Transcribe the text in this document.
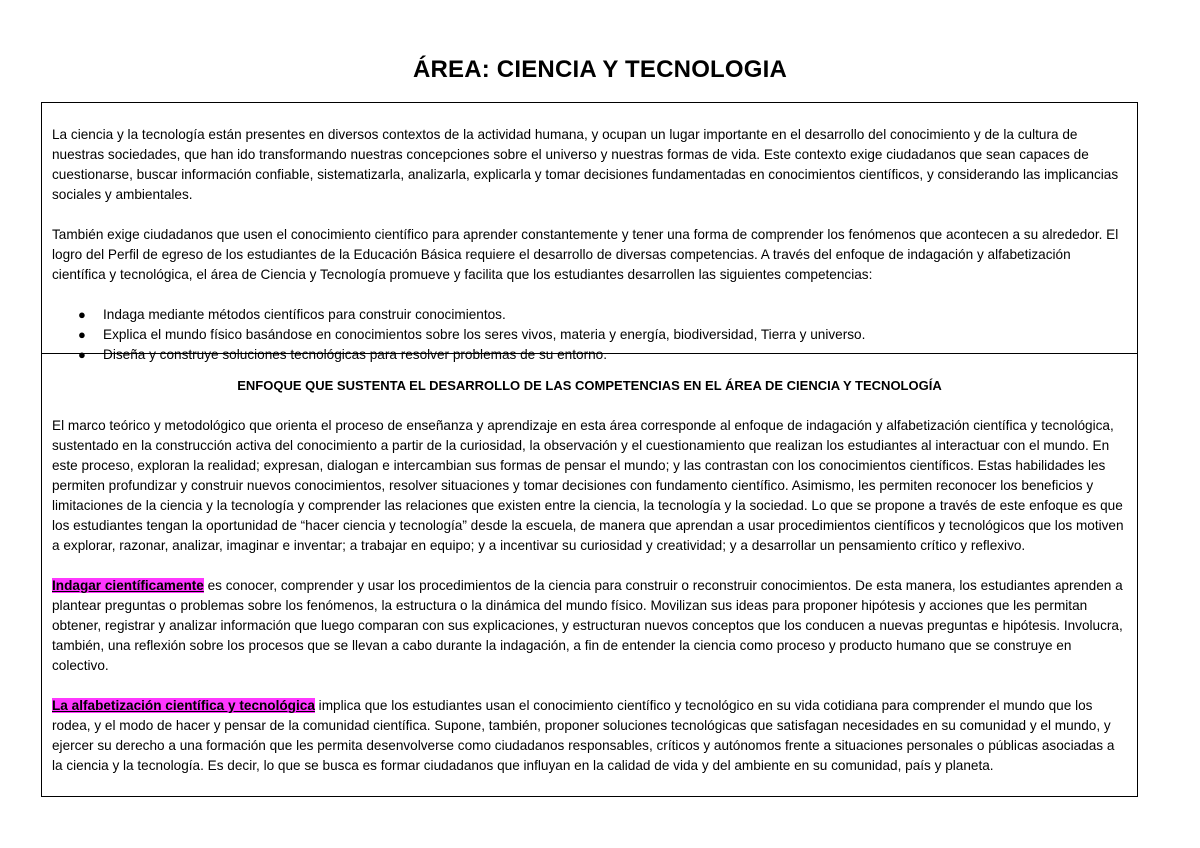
ÁREA: CIENCIA Y TECNOLOGIA

La ciencia y la tecnología están presentes en diversos contextos de la actividad humana, y ocupan un lugar importante en el desarrollo del conocimiento y de la cultura de nuestras sociedades, que han ido transformando nuestras concepciones sobre el universo y nuestras formas de vida. Este contexto exige ciudadanos que sean capaces de cuestionarse, buscar información confiable, sistematizarla, analizarla, explicarla y tomar decisiones fundamentadas en conocimientos científicos, y considerando las implicancias sociales y ambientales.

También exige ciudadanos que usen el conocimiento científico para aprender constantemente y tener una forma de comprender los fenómenos que acontecen a su alrededor. El logro del Perfil de egreso de los estudiantes de la Educación Básica requiere el desarrollo de diversas competencias. A través del enfoque de indagación y alfabetización científica y tecnológica, el área de Ciencia y Tecnología promueve y facilita que los estudiantes desarrollen las siguientes competencias:

● Indaga mediante métodos científicos para construir conocimientos.
● Explica el mundo físico basándose en conocimientos sobre los seres vivos, materia y energía, biodiversidad, Tierra y universo.
● Diseña y construye soluciones tecnológicas para resolver problemas de su entorno.

ENFOQUE QUE SUSTENTA EL DESARROLLO DE LAS COMPETENCIAS EN EL ÁREA DE CIENCIA Y TECNOLOGÍA

El marco teórico y metodológico que orienta el proceso de enseñanza y aprendizaje en esta área corresponde al enfoque de indagación y alfabetización científica y tecnológica, sustentado en la construcción activa del conocimiento a partir de la curiosidad, la observación y el cuestionamiento que realizan los estudiantes al interactuar con el mundo. En este proceso, exploran la realidad; expresan, dialogan e intercambian sus formas de pensar el mundo; y las contrastan con los conocimientos científicos. Estas habilidades les permiten profundizar y construir nuevos conocimientos, resolver situaciones y tomar decisiones con fundamento científico. Asimismo, les permiten reconocer los beneficios y limitaciones de la ciencia y la tecnología y comprender las relaciones que existen entre la ciencia, la tecnología y la sociedad. Lo que se propone a través de este enfoque es que los estudiantes tengan la oportunidad de “hacer ciencia y tecnología” desde la escuela, de manera que aprendan a usar procedimientos científicos y tecnológicos que los motiven a explorar, razonar, analizar, imaginar e inventar; a trabajar en equipo; y a incentivar su curiosidad y creatividad; y a desarrollar un pensamiento crítico y reflexivo.

Indagar científicamente es conocer, comprender y usar los procedimientos de la ciencia para construir o reconstruir conocimientos. De esta manera, los estudiantes aprenden a plantear preguntas o problemas sobre los fenómenos, la estructura o la dinámica del mundo físico. Movilizan sus ideas para proponer hipótesis y acciones que les permitan obtener, registrar y analizar información que luego comparan con sus explicaciones, y estructuran nuevos conceptos que los conducen a nuevas preguntas e hipótesis. Involucra, también, una reflexión sobre los procesos que se llevan a cabo durante la indagación, a fin de entender la ciencia como proceso y producto humano que se construye en colectivo.

La alfabetización científica y tecnológica implica que los estudiantes usan el conocimiento científico y tecnológico en su vida cotidiana para comprender el mundo que los rodea, y el modo de hacer y pensar de la comunidad científica. Supone, también, proponer soluciones tecnológicas que satisfagan necesidades en su comunidad y el mundo, y ejercer su derecho a una formación que les permita desenvolverse como ciudadanos responsables, críticos y autónomos frente a situaciones personales o públicas asociadas a la ciencia y la tecnología. Es decir, lo que se busca es formar ciudadanos que influyan en la calidad de vida y del ambiente en su comunidad, país y planeta.
